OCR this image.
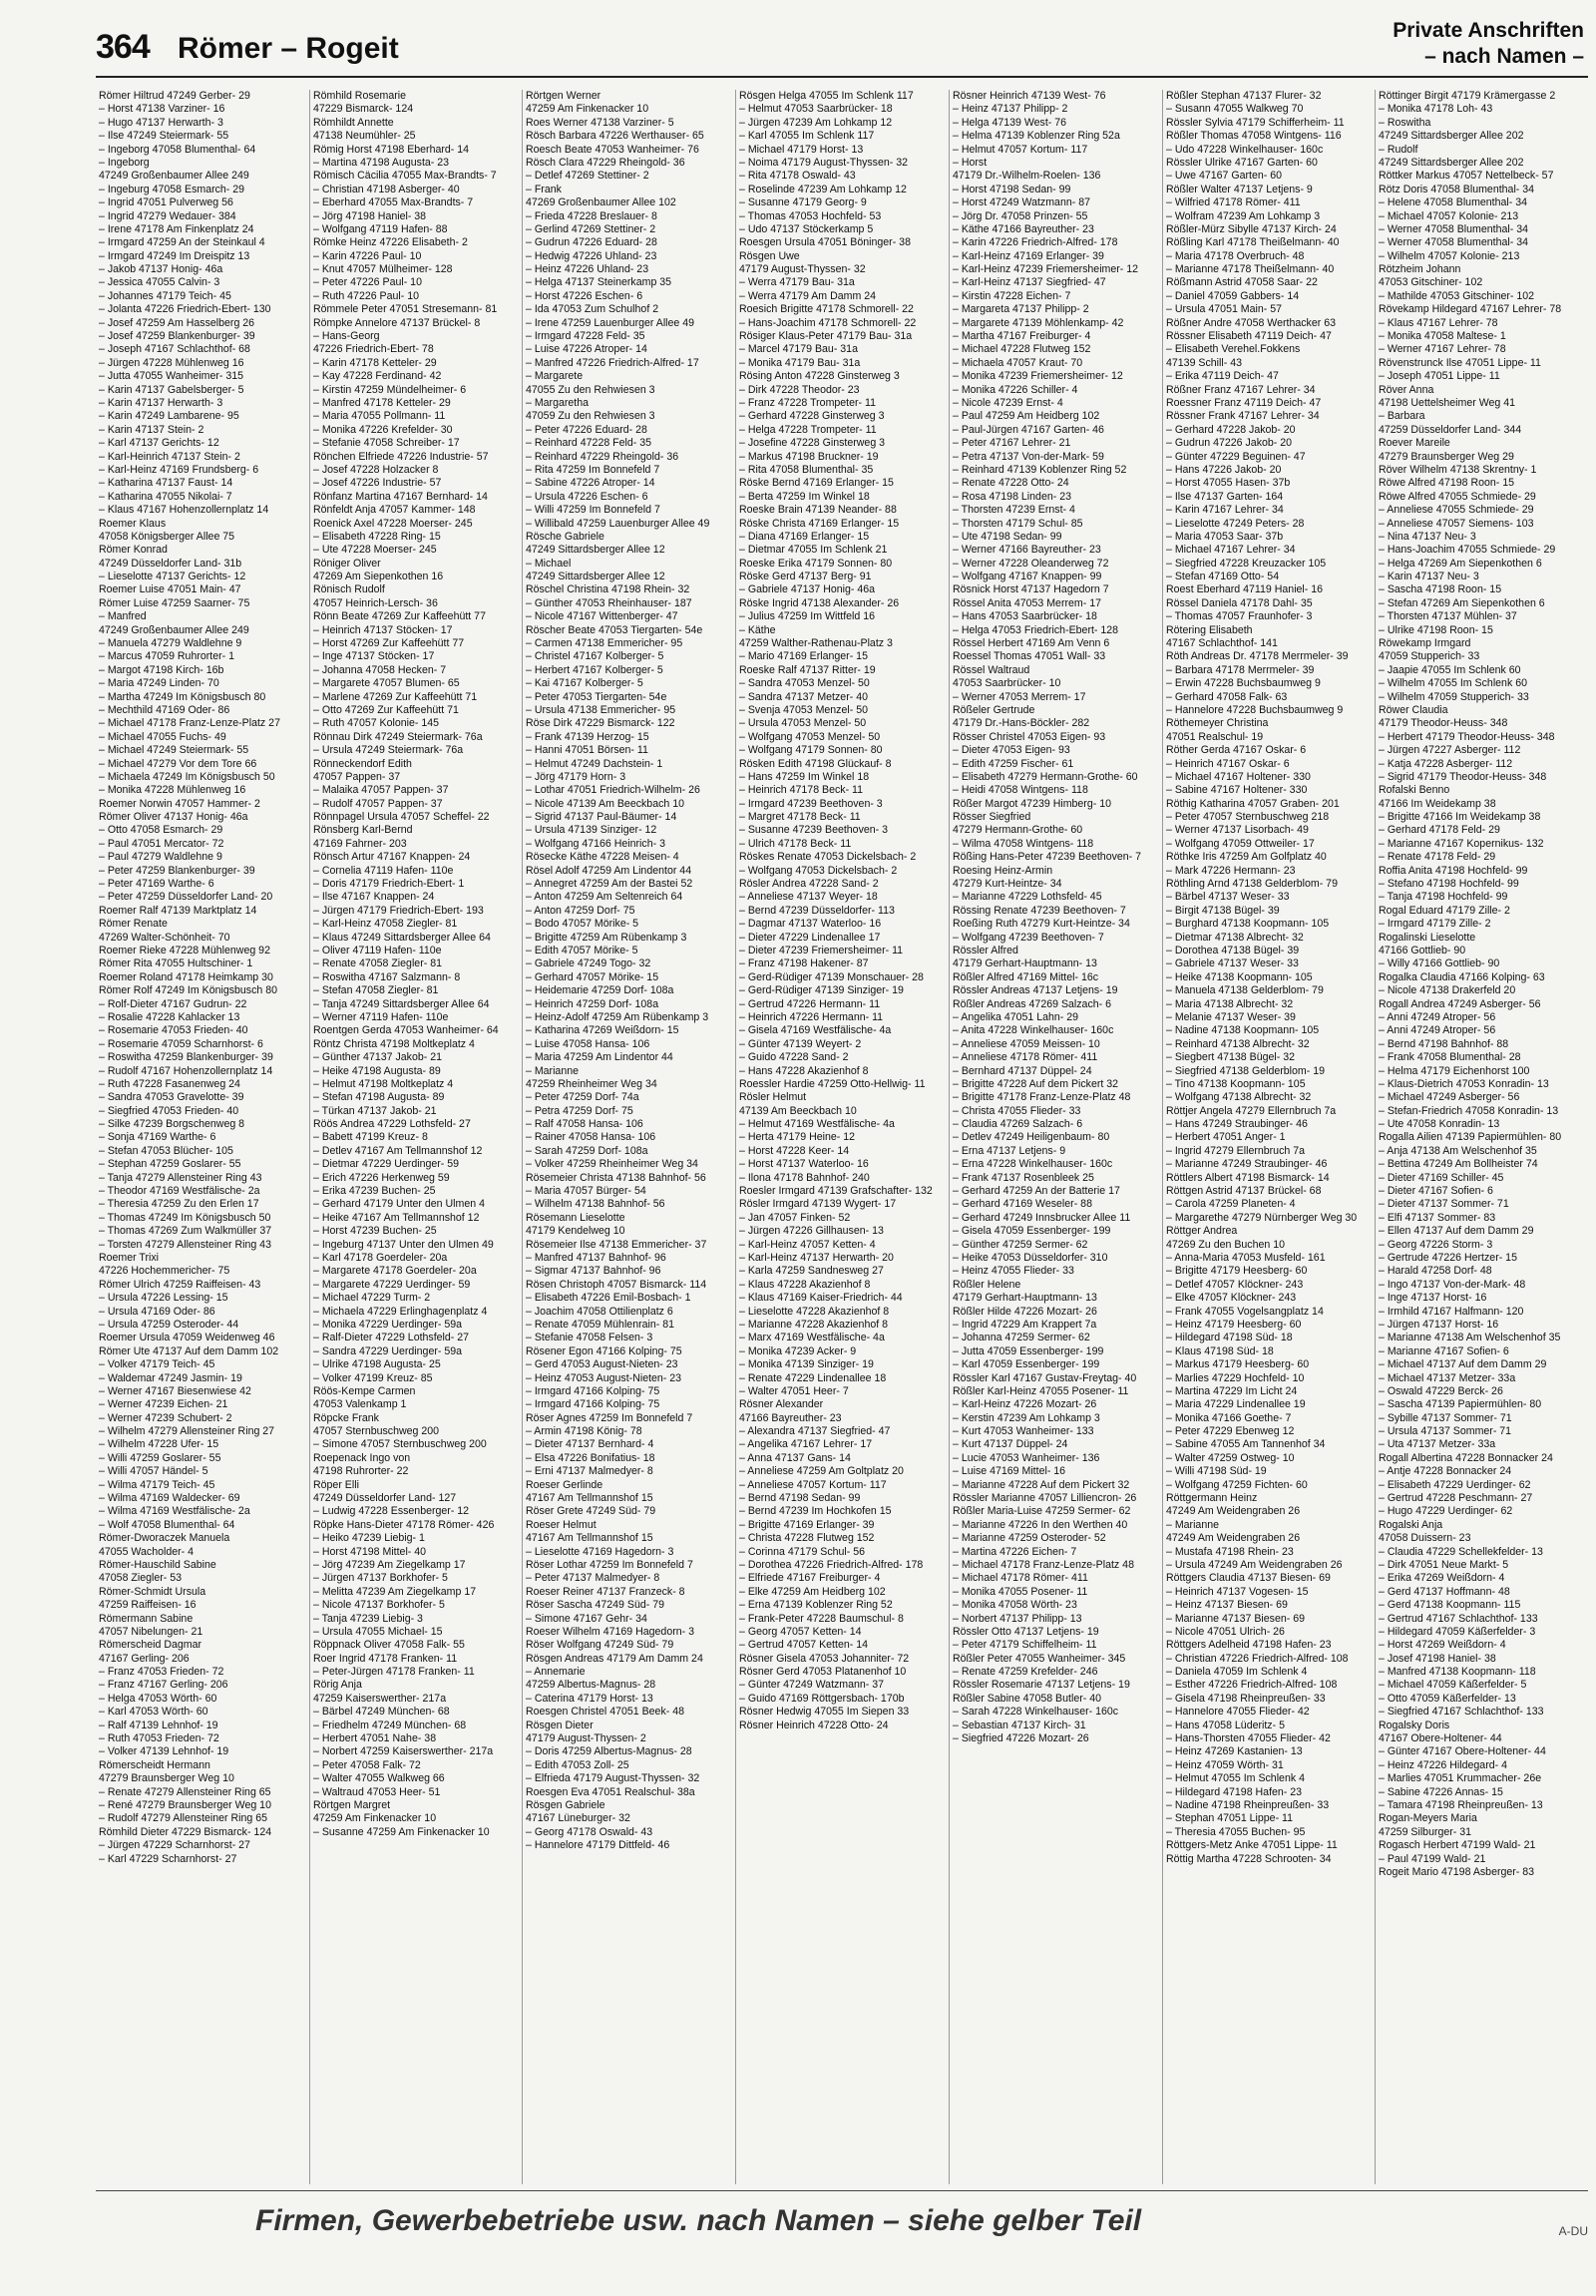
364 Römer – Rogeit
Private Anschriften
– nach Namen –
Römer Hiltrud 47249 Gerber- 29
– Horst 47138 Varziner- 16
– Hugo 47137 Herwarth- 3
– Ilse 47249 Steiermark- 55
– Ingeborg 47058 Blumenthal- 64
– Ingeborg
47249 Großenbaumer Allee 249
– Ingeburg 47058 Esmarch- 29
– Ingrid 47051 Pulverweg 56
– Ingrid 47279 Wedauer- 384
– Irene 47178 Am Finkenplatz 24
– Irmgard 47259 An der Steinkaul 4
– Irmgard 47249 Im Dreispitz 13
– Jakob 47137 Honig- 46a
– Jessica 47055 Calvin- 3
– Johannes 47179 Teich- 45
– Jolanta 47226 Friedrich-Ebert- 130
– Josef 47259 Am Hasselberg 26
– Josef 47259 Blankenburger- 39
– Joseph 47167 Schlachthof- 68
– Jürgen 47228 Mühlenweg 16
– Jutta 47055 Wanheimer- 315
– Karin 47137 Gabelsberger- 5
– Karin 47137 Herwarth- 3
– Karin 47249 Lambarene- 95
– Karin 47137 Stein- 2
– Karl 47137 Gerichts- 12
– Karl-Heinrich 47137 Stein- 2
– Karl-Heinz 47169 Frundsberg- 6
– Katharina 47137 Faust- 14
– Katharina 47055 Nikolai- 7
– Klaus 47167 Hohenzollernplatz 14
Roemer Klaus
47058 Königsberger Allee 75
Römer Konrad
47249 Düsseldorfer Land- 31b
– Lieselotte 47137 Gerichts- 12
Roemer Luise 47051 Main- 47
Römer Luise 47259 Saarner- 75
– Manfred
47249 Großenbaumer Allee 249
– Manuela 47279 Waldlehne 9
– Marcus 47059 Ruhrorter- 1
– Margot 47198 Kirch- 16b
– Maria 47249 Linden- 70
– Martha 47249 Im Königsbusch 80
– Mechthild 47169 Oder- 86
– Michael 47178 Franz-Lenze-Platz 27
– Michael 47055 Fuchs- 49
– Michael 47249 Steiermark- 55
– Michael 47279 Vor dem Tore 66
– Michaela 47249 Im Königsbusch 50
– Monika 47228 Mühlenweg 16
Roemer Norwin 47057 Hammer- 2
Römer Oliver 47137 Honig- 46a
– Otto 47058 Esmarch- 29
– Paul 47051 Mercator- 72
– Paul 47279 Waldlehne 9
– Peter 47259 Blankenburger- 39
– Peter 47169 Warthe- 6
– Peter 47259 Düsseldorfer Land- 20
Roemer Ralf 47139 Marktplatz 14
Römer Renate
47269 Walter-Schönheit- 70
Roemer Rieke 47228 Mühlenweg 92
Römer Rita 47055 Hultschiner- 1
Roemer Roland 47178 Heimkamp 30
Römer Rolf 47249 Im Königsbusch 80
– Rolf-Dieter 47167 Gudrun- 22
– Rosalie 47228 Kahlacker 13
– Rosemarie 47053 Frieden- 40
– Rosemarie 47059 Scharnhorst- 6
– Roswitha 47259 Blankenburger- 39
– Rudolf 47167 Hohenzollernplatz 14
– Ruth 47228 Fasanenweg 24
– Sandra 47053 Gravelotte- 39
– Siegfried 47053 Frieden- 40
– Silke 47239 Borgschenweg 8
– Sonja 47169 Warthe- 6
– Stefan 47053 Blücher- 105
– Stephan 47259 Goslarer- 55
– Tanja 47279 Allensteiner Ring 43
– Theodor 47169 Westfälische- 2a
– Theresia 47259 Zu den Erlen 17
– Thomas 47249 Im Königsbusch 50
– Thomas 47269 Zum Walkmüller 37
– Torsten 47279 Allensteiner Ring 43
Roemer Trixi
47226 Hochemmericher- 75
Römer Ulrich 47259 Raiffeisen- 43
– Ursula 47226 Lessing- 15
– Ursula 47169 Oder- 86
– Ursula 47259 Osteroder- 44
Roemer Ursula 47059 Weidenweg 46
Römer Ute 47137 Auf dem Damm 102
– Volker 47179 Teich- 45
– Waldemar 47249 Jasmin- 19
– Werner 47167 Biesenwiese 42
– Werner 47239 Eichen- 21
– Werner 47239 Schubert- 2
– Wilhelm 47279 Allensteiner Ring 27
– Wilhelm 47228 Ufer- 15
– Willi 47259 Goslarer- 55
– Willi 47057 Händel- 5
– Wilma 47179 Teich- 45
– Wilma 47169 Waldecker- 69
– Wilma 47169 Westfälische- 2a
– Wolf 47058 Blumenthal- 64
Römer-Dworaczek Manuela
47055 Wacholder- 4
Römer-Hauschild Sabine
47058 Ziegler- 53
Römer-Schmidt Ursula
47259 Raiffeisen- 16
Römermann Sabine
47057 Nibelungen- 21
Römerscheid Dagmar
47167 Gerling- 206
– Franz 47053 Frieden- 72
– Franz 47167 Gerling- 206
– Helga 47053 Wörth- 60
– Karl 47053 Wörth- 60
– Ralf 47139 Lehnhof- 19
– Ruth 47053 Frieden- 72
– Volker 47139 Lehnhof- 19
Römerscheidt Hermann
47279 Braunsberger Weg 10
– Renate 47279 Allensteiner Ring 65
– René 47279 Braunsberger Weg 10
– Rudolf 47279 Allensteiner Ring 65
Römhild Dieter 47229 Bismarck- 124
– Jürgen 47229 Scharnhorst- 27
– Karl 47229 Scharnhorst- 27
Römhild Rosemarie
47229 Bismarck- 124
Römhildt Annette
47138 Neumühler- 25
Römig Horst 47198 Eberhard- 14
– Martina 47198 Augusta- 23
Römisch Cäcilia 47055 Max-Brandts- 7
– Christian 47198 Asberger- 40
– Eberhard 47055 Max-Brandts- 7
– Jörg 47198 Haniel- 38
– Wolfgang 47119 Hafen- 88
Römke Heinz 47226 Elisabeth- 2
– Karin 47226 Paul- 10
– Knut 47057 Mülheimer- 128
– Peter 47226 Paul- 10
– Ruth 47226 Paul- 10
Römmele Peter 47051 Stresemann- 81
Römpke Annelore 47137 Brückel- 8
– Hans-Georg
47226 Friedrich-Ebert- 78
– Karin 47178 Ketteler- 29
– Kay 47228 Ferdinand- 42
– Kirstin 47259 Mündelheimer- 6
– Manfred 47178 Ketteler- 29
– Maria 47055 Pollmann- 11
– Monika 47226 Krefelder- 30
– Stefanie 47058 Schreiber- 17
Rönchen Elfriede 47226 Industrie- 57
– Josef 47228 Holzacker 8
– Josef 47226 Industrie- 57
Rönfanz Martina 47167 Bernhard- 14
Rönfeldt Anja 47057 Kammer- 148
Roenick Axel 47228 Moerser- 245
– Elisabeth 47228 Ring- 15
– Ute 47228 Moerser- 245
Röniger Oliver
47269 Am Siepenkothen 16
Rönisch Rudolf
47057 Heinrich-Lersch- 36
Rönn Beate 47269 Zur Kaffeehütt 77
– Heinrich 47137 Stöcken- 17
– Horst 47269 Zur Kaffeehütt 77
– Inge 47137 Stöcken- 17
– Johanna 47058 Hecken- 7
– Margarete 47057 Blumen- 65
– Marlene 47269 Zur Kaffeehütt 71
– Otto 47269 Zur Kaffeehütt 71
– Ruth 47057 Kolonie- 145
Rönnau Dirk 47249 Steiermark- 76a
– Ursula 47249 Steiermark- 76a
Rönneckendorf Edith
47057 Pappen- 37
– Malaika 47057 Pappen- 37
– Rudolf 47057 Pappen- 37
Rönnpagel Ursula 47057 Scheffel- 22
Rönsberg Karl-Bernd
47169 Fahrner- 203
Rönsch Artur 47167 Knappen- 24
– Cornelia 47119 Hafen- 110e
– Doris 47179 Friedrich-Ebert- 1
– Ilse 47167 Knappen- 24
– Jürgen 47179 Friedrich-Ebert- 193
– Karl-Heinz 47058 Ziegler- 81
– Klaus 47249 Sittardsberger Allee 64
– Oliver 47119 Hafen- 110e
– Renate 47058 Ziegler- 81
– Roswitha 47167 Salzmann- 8
– Stefan 47058 Ziegler- 81
– Tanja 47249 Sittardsberger Allee 64
– Werner 47119 Hafen- 110e
Roentgen Gerda 47053 Wanheimer- 64
Röntz Christa 47198 Moltkeplatz 4
– Günther 47137 Jakob- 21
– Heike 47198 Augusta- 89
– Helmut 47198 Moltkeplatz 4
– Stefan 47198 Augusta- 89
– Türkan 47137 Jakob- 21
Röös Andrea 47229 Lothsfeld- 27
– Babett 47199 Kreuz- 8
– Detlev 47167 Am Tellmannshof 12
– Dietmar 47229 Uerdinger- 59
– Erich 47226 Herkenweg 59
– Erika 47239 Buchen- 25
– Gerhard 47179 Unter den Ulmen 4
– Heike 47167 Am Tellmannshof 12
– Horst 47239 Buchen- 25
– Ingeburg 47137 Unter den Ulmen 49
– Karl 47178 Goerdeler- 20a
– Margarete 47178 Goerdeler- 20a
– Margarete 47229 Uerdinger- 59
– Michael 47229 Turm- 2
– Michaela 47229 Erlinghagenplatz 4
– Monika 47229 Uerdinger- 59a
– Ralf-Dieter 47229 Lothsfeld- 27
– Sandra 47229 Uerdinger- 59a
– Ulrike 47198 Augusta- 25
– Volker 47199 Kreuz- 85
Röös-Kempe Carmen
47053 Valenkamp 1
Röpcke Frank
47057 Sternbuschweg 200
– Simone 47057 Sternbuschweg 200
Roepenack Ingo von
47198 Ruhrorter- 22
Röper Elli
47249 Düsseldorfer Land- 127
– Ludwig 47228 Essenberger- 12
Röpke Hans-Dieter 47178 Römer- 426
– Heiko 47239 Liebig- 1
– Horst 47198 Mittel- 40
– Jörg 47239 Am Ziegelkamp 17
– Jürgen 47137 Borkhofer- 5
– Melitta 47239 Am Ziegelkamp 17
– Nicole 47137 Borkhofer- 5
– Tanja 47239 Liebig- 3
– Ursula 47055 Michael- 15
Röppnack Oliver 47058 Falk- 55
Roer Ingrid 47178 Franken- 11
– Peter-Jürgen 47178 Franken- 11
Rörig Anja
47259 Kaiserswerther- 217a
– Bärbel 47249 München- 68
– Friedhelm 47249 München- 68
– Herbert 47051 Nahe- 38
– Norbert 47259 Kaiserswerther- 217a
– Peter 47058 Falk- 72
– Walter 47055 Walkweg 66
– Waltraud 47053 Heer- 51
Rörtgen Margret
47259 Am Finkenacker 10
– Susanne 47259 Am Finkenacker 10
Rörtgen Werner
47259 Am Finkenacker 10
Roes Werner 47138 Varziner- 5
Rösch Barbara 47226 Werthauser- 65
Roesch Beate 47053 Wanheimer- 76
Rösch Clara 47229 Rheingold- 36
– Detlef 47269 Stettiner- 2
– Frank
47269 Großenbaumer Allee 102
– Frieda 47228 Breslauer- 8
– Gerlind 47269 Stettiner- 2
– Gudrun 47226 Eduard- 28
– Hedwig 47226 Uhland- 23
– Heinz 47226 Uhland- 23
– Helga 47137 Steinerkamp 35
– Horst 47226 Eschen- 6
– Ida 47053 Zum Schulhof 2
– Irene 47259 Lauenburger Allee 49
– Irmgard 47228 Feld- 35
– Luise 47226 Atroper- 14
– Manfred 47226 Friedrich-Alfred- 17
– Margarete
47055 Zu den Rehwiesen 3
– Margaretha
47059 Zu den Rehwiesen 3
– Peter 47226 Eduard- 28
– Reinhard 47228 Feld- 35
– Reinhard 47229 Rheingold- 36
– Rita 47259 Im Bonnefeld 7
– Sabine 47226 Atroper- 14
– Ursula 47226 Eschen- 6
– Willi 47259 Im Bonnefeld 7
– Willibald 47259 Lauenburger Allee 49
Rösche Gabriele
47249 Sittardsberger Allee 12
– Michael
47249 Sittardsberger Allee 12
Röschel Christina 47198 Rhein- 32
– Günther 47053 Rheinhauser- 187
– Nicole 47167 Wittenberger- 47
Röscher Beate 47053 Tiergarten- 54e
– Carmen 47138 Emmericher- 95
– Christel 47167 Kolberger- 5
– Herbert 47167 Kolberger- 5
– Kai 47167 Kolberger- 5
– Peter 47053 Tiergarten- 54e
– Ursula 47138 Emmericher- 95
Röse Dirk 47229 Bismarck- 122
– Frank 47139 Herzog- 15
– Hanni 47051 Börsen- 11
– Helmut 47249 Dachstein- 1
– Jörg 47179 Horn- 3
– Lothar 47051 Friedrich-Wilhelm- 26
– Nicole 47139 Am Beeckbach 10
– Sigrid 47137 Paul-Bäumer- 14
– Ursula 47139 Sinziger- 12
– Wolfgang 47166 Heinrich- 3
Rösecke Käthe 47228 Meisen- 4
Rösel Adolf 47259 Am Lindentor 44
– Annegret 47259 Am der Bastei 52
– Anton 47259 Am Seltenreich 64
– Anton 47259 Dorf- 75
– Bodo 47057 Mörike- 5
– Brigitte 47259 Am Rübenkamp 3
– Edith 47057 Mörike- 5
– Gabriele 47249 Togo- 32
– Gerhard 47057 Mörike- 15
– Heidemarie 47259 Dorf- 108a
– Heinrich 47259 Dorf- 108a
– Heinz-Adolf 47259 Am Rübenkamp 3
– Katharina 47269 Weißdorn- 15
– Luise 47058 Hansa- 106
– Maria 47259 Am Lindentor 44
– Marianne
47259 Rheinheimer Weg 34
– Peter 47259 Dorf- 74a
– Petra 47259 Dorf- 75
– Ralf 47058 Hansa- 106
– Rainer 47058 Hansa- 106
– Sarah 47259 Dorf- 108a
– Volker 47259 Rheinheimer Weg 34
Rösemeier Christa 47138 Bahnhof- 56
– Maria 47057 Bürger- 54
– Wilhelm 47138 Bahnhof- 56
Rösemann Lieselotte
47179 Kendelweg 10
Rösemeier Ilse 47138 Emmericher- 37
– Manfred 47137 Bahnhof- 96
– Sigmar 47137 Bahnhof- 96
Rösen Christoph 47057 Bismarck- 114
– Elisabeth 47226 Emil-Bosbach- 1
– Joachim 47058 Ottilienplatz 6
– Renate 47059 Mühlenrain- 81
– Stefanie 47058 Felsen- 3
Rösener Egon 47166 Kolping- 75
– Gerd 47053 August-Nieten- 23
– Heinz 47053 August-Nieten- 23
– Irmgard 47166 Kolping- 75
– Irmgard 47166 Kolping- 75
Röser Agnes 47259 Im Bonnefeld 7
– Armin 47198 König- 78
– Dieter 47137 Bernhard- 4
– Elsa 47226 Bonifatius- 18
– Erni 47137 Malmedyer- 8
Roeser Gerlinde
47167 Am Tellmannshof 15
Röser Grete 47249 Süd- 79
Roeser Helmut
47167 Am Tellmannshof 15
– Lieselotte 47169 Hagedorn- 3
Röser Lothar 47259 Im Bonnefeld 7
– Peter 47137 Malmedyer- 8
Roeser Reiner 47137 Franzeck- 8
Röser Sascha 47249 Süd- 79
– Simone 47167 Gehr- 34
Roeser Wilhelm 47169 Hagedorn- 3
Röser Wolfgang 47249 Süd- 79
Rösgen Andreas 47179 Am Damm 24
– Annemarie
47259 Albertus-Magnus- 28
– Caterina 47179 Horst- 13
Roesgen Christel 47051 Beek- 48
Rösgen Dieter
47179 August-Thyssen- 2
– Doris 47259 Albertus-Magnus- 28
– Edith 47053 Zoll- 25
– Elfrieda 47179 August-Thyssen- 32
Roesgen Eva 47051 Realschul- 38a
Rösgen Gabriele
47167 Lüneburger- 32
– Georg 47178 Oswald- 43
– Hannelore 47179 Dittfeld- 46
Rösgen Helga 47055 Im Schlenk 117
– Helmut 47053 Saarbrücker- 18
– Jürgen 47239 Am Lohkamp 12
– Karl 47055 Im Schlenk 117
– Michael 47179 Horst- 13
– Noima 47179 August-Thyssen- 32
– Rita 47178 Oswald- 43
– Roselinde 47239 Am Lohkamp 12
– Susanne 47179 Georg- 9
– Thomas 47053 Hochfeld- 53
– Udo 47137 Stöckerkamp 5
Roesgen Ursula 47051 Böninger- 38
Rösgen Uwe
47179 August-Thyssen- 32
– Werra 47179 Bau- 31a
– Werra 47179 Am Damm 24
Roesich Brigitte 47178 Schmorell- 22
– Hans-Joachim 47178 Schmorell- 22
Rösiger Klaus-Peter 47179 Bau- 31a
– Marcel 47179 Bau- 31a
– Monika 47179 Bau- 31a
Rösing Anton 47228 Ginsterweg 3
– Dirk 47228 Theodor- 23
– Franz 47228 Trompeter- 11
– Gerhard 47228 Ginsterweg 3
– Helga 47228 Trompeter- 11
– Josefine 47228 Ginsterweg 3
– Markus 47198 Bruckner- 19
– Rita 47058 Blumenthal- 35
Röske Bernd 47169 Erlanger- 15
– Berta 47259 Im Winkel 18
Roeske Brain 47139 Neander- 88
Röske Christa 47169 Erlanger- 15
– Diana 47169 Erlanger- 15
– Dietmar 47055 Im Schlenk 21
Roeske Erika 47179 Sonnen- 80
Röske Gerd 47137 Berg- 91
– Gabriele 47137 Honig- 46a
Röske Ingrid 47138 Alexander- 26
– Julius 47259 Im Wittfeld 16
– Käthe
47259 Walther-Rathenau-Platz 3
– Mario 47169 Erlanger- 15
Roeske Ralf 47137 Ritter- 19
– Sandra 47053 Menzel- 50
– Sandra 47137 Metzer- 40
– Svenja 47053 Menzel- 50
– Ursula 47053 Menzel- 50
– Wolfgang 47053 Menzel- 50
– Wolfgang 47179 Sonnen- 80
Rösken Edith 47198 Glückauf- 8
– Hans 47259 Im Winkel 18
– Heinrich 47178 Beck- 11
– Irmgard 47239 Beethoven- 3
– Margret 47178 Beck- 11
– Susanne 47239 Beethoven- 3
– Ulrich 47178 Beck- 11
Röskes Renate 47053 Dickelsbach- 2
– Wolfgang 47053 Dickelsbach- 2
Rösler Andrea 47228 Sand- 2
– Anneliese 47137 Weyer- 18
– Bernd 47239 Düsseldorfer- 113
– Dagmar 47137 Waterloo- 16
– Dieter 47229 Lindenallee 17
– Dieter 47239 Friemersheimer- 11
– Franz 47198 Hakener- 87
– Gerd-Rüdiger 47139 Monschauer- 28
– Gerd-Rüdiger 47139 Sinziger- 19
– Gertrud 47226 Hermann- 11
– Heinrich 47226 Hermann- 11
– Gisela 47169 Westfälische- 4a
– Günter 47139 Weyert- 2
– Guido 47228 Sand- 2
– Hans 47228 Akazienhof 8
Roessler Hardie 47259 Otto-Hellwig- 11
Rösler Helmut
47139 Am Beeckbach 10
– Helmut 47169 Westfälische- 4a
– Herta 47179 Heine- 12
– Horst 47228 Keer- 14
– Horst 47137 Waterloo- 16
– Ilona 47178 Bahnhof- 240
Roesler Irmgard 47139 Grafschafter- 132
Rösler Irmgard 47139 Wygert- 17
– Jan 47057 Finken- 52
– Jürgen 47226 Gillhausen- 13
– Karl-Heinz 47057 Ketten- 4
– Karl-Heinz 47137 Herwarth- 20
– Karla 47259 Sandnesweg 27
– Klaus 47228 Akazienhof 8
– Klaus 47169 Kaiser-Friedrich- 44
– Lieselotte 47228 Akazienhof 8
– Marianne 47228 Akazienhof 8
– Marx 47169 Westfälische- 4a
– Monika 47239 Acker- 9
– Monika 47139 Sinziger- 19
– Renate 47229 Lindenallee 18
– Walter 47051 Heer- 7
Rösner Alexander
47166 Bayreuther- 23
– Alexandra 47137 Siegfried- 47
– Angelika 47167 Lehrer- 17
– Anna 47137 Gans- 14
– Anneliese 47259 Am Goltplatz 20
– Anneliese 47057 Kortum- 117
– Bernd 47198 Sedan- 99
– Bernd 47239 Im Hochkofen 15
– Brigitte 47169 Erlanger- 39
– Christa 47228 Flutweg 152
– Corinna 47179 Schul- 56
– Dorothea 47226 Friedrich-Alfred- 178
– Elfriede 47167 Freiburger- 4
– Elke 47259 Am Heidberg 102
– Erna 47139 Koblenzer Ring 52
– Frank-Peter 47228 Baumschul- 8
– Georg 47057 Ketten- 14
– Gertrud 47057 Ketten- 14
Rösner Gisela 47053 Johanniter- 72
Rösner Gerd 47053 Platanenhof 10
– Günter 47249 Watzmann- 37
– Guido 47169 Röttgersbach- 170b
Rösner Hedwig 47055 Im Siepen 33
Rösner Heinrich 47228 Otto- 24
Rösner Heinrich 47139 West- 76
– Heinz 47137 Philipp- 2
– Helga 47139 West- 76
– Helma 47139 Koblenzer Ring 52a
– Helmut 47057 Kortum- 117
– Horst
47179 Dr.-Wilhelm-Roelen- 136
– Horst 47198 Sedan- 99
– Horst 47249 Watzmann- 87
– Jörg Dr. 47058 Prinzen- 55
– Käthe 47166 Bayreuther- 23
– Karin 47226 Friedrich-Alfred- 178
– Karl-Heinz 47169 Erlanger- 39
– Karl-Heinz 47239 Friemersheimer- 12
– Karl-Heinz 47137 Siegfried- 47
– Kirstin 47228 Eichen- 7
– Margareta 47137 Philipp- 2
– Margarete 47139 Möhlenkamp- 42
– Martha 47167 Freiburger- 4
– Michael 47228 Flutweg 152
– Michaela 47057 Kraut- 70
– Monika 47239 Friemersheimer- 12
– Monika 47226 Schiller- 4
– Nicole 47239 Ernst- 4
– Paul 47259 Am Heidberg 102
– Paul-Jürgen 47167 Garten- 46
– Peter 47167 Lehrer- 21
– Petra 47137 Von-der-Mark- 59
– Reinhard 47139 Koblenzer Ring 52
– Renate 47228 Otto- 24
– Rosa 47198 Linden- 23
– Thorsten 47239 Ernst- 4
– Thorsten 47179 Schul- 85
– Ute 47198 Sedan- 99
– Werner 47166 Bayreuther- 23
– Werner 47228 Oleanderweg 72
– Wolfgang 47167 Knappen- 99
Rösnick Horst 47137 Hagedorn 7
Rössel Anita 47053 Merrem- 17
– Hans 47053 Saarbrücker- 18
– Helga 47053 Friedrich-Ebert- 128
Rössel Herbert 47169 Am Venn 6
Roessel Thomas 47051 Wall- 33
Rössel Waltraud
47053 Saarbrücker- 10
– Werner 47053 Merrem- 17
Rößeler Gertrude
47179 Dr.-Hans-Böckler- 282
Rösser Christel 47053 Eigen- 93
– Dieter 47053 Eigen- 93
– Edith 47259 Fischer- 61
– Elisabeth 47279 Hermann-Grothe- 60
– Heidi 47058 Wintgens- 118
Rößer Margot 47239 Himberg- 10
Rösser Siegfried
47279 Hermann-Grothe- 60
– Wilma 47058 Wintgens- 118
Rößing Hans-Peter 47239 Beethoven- 7
Roesing Heinz-Armin
47279 Kurt-Heintze- 34
– Marianne 47229 Lothsfeld- 45
Rössing Renate 47239 Beethoven- 7
Roeßing Ruth 47279 Kurt-Heintze- 34
– Wolfgang 47239 Beethoven- 7
Rössler Alfred
47179 Gerhart-Hauptmann- 13
Rößler Alfred 47169 Mittel- 16c
Rössler Andreas 47137 Letjens- 19
Rößler Andreas 47269 Salzach- 6
– Angelika 47051 Lahn- 29
– Anita 47228 Winkelhauser- 160c
– Anneliese 47059 Meissen- 10
– Anneliese 47178 Römer- 411
– Bernhard 47137 Düppel- 24
– Brigitte 47228 Auf dem Pickert 32
– Brigitte 47178 Franz-Lenze-Platz 48
– Christa 47055 Flieder- 33
– Claudia 47269 Salzach- 6
– Detlev 47249 Heiligenbaum- 80
– Erna 47137 Letjens- 9
– Erna 47228 Winkelhauser- 160c
– Frank 47137 Rosenbleek 25
– Gerhard 47259 An der Batterie 17
– Gerhard 47169 Weseler- 88
– Gerhard 47249 Innsbrucker Allee 11
– Gisela 47059 Essenberger- 199
– Günther 47259 Sermer- 62
– Heike 47053 Düsseldorfer- 310
– Heinz 47055 Flieder- 33
Rößler Helene
47179 Gerhart-Hauptmann- 13
Rößler Hilde 47226 Mozart- 26
– Ingrid 47229 Am Krappert 7a
– Johanna 47259 Sermer- 62
– Jutta 47059 Essenberger- 199
– Karl 47059 Essenberger- 199
Rössler Karl 47167 Gustav-Freytag- 40
Rößler Karl-Heinz 47055 Posener- 11
– Karl-Heinz 47226 Mozart- 26
– Kerstin 47239 Am Lohkamp 3
– Kurt 47053 Wanheimer- 133
– Kurt 47137 Düppel- 24
– Lucie 47053 Wanheimer- 136
– Luise 47169 Mittel- 16
– Marianne 47228 Auf dem Pickert 32
Rössler Marianne 47057 Lilliencron- 26
Rößler Maria-Luise 47259 Sermer- 62
– Marianne 47226 In den Werthen 40
– Marianne 47259 Osteroder- 52
– Martina 47226 Eichen- 7
– Michael 47178 Franz-Lenze-Platz 48
– Michael 47178 Römer- 411
– Monika 47055 Posener- 11
– Monika 47058 Wörth- 23
– Norbert 47137 Philipp- 13
Rössler Otto 47137 Letjens- 19
– Peter 47179 Schiffelheim- 11
Rößler Peter 47055 Wanheimer- 345
– Renate 47259 Krefelder- 246
Rössler Rosemarie 47137 Letjens- 19
Rößler Sabine 47058 Butler- 40
– Sarah 47228 Winkelhauser- 160c
– Sebastian 47137 Kirch- 31
– Siegfried 47226 Mozart- 26
Rößler Stephan 47137 Flurer- 32
– Susann 47055 Walkweg 70
Rössler Sylvia 47179 Schifferheim- 11
Rößler Thomas 47058 Wintgens- 116
– Udo 47228 Winkelhauser- 160c
Rössler Ulrike 47167 Garten- 60
– Uwe 47167 Garten- 60
Rößler Walter 47137 Letjens- 9
– Wilfried 47178 Römer- 411
– Wolfram 47239 Am Lohkamp 3
Rößler-Mürz Sibylle 47137 Kirch- 24
Rößling Karl 47178 Theißelmann- 40
– Maria 47178 Overbruch- 48
– Marianne 47178 Theißelmann- 40
Rößmann Astrid 47058 Saar- 22
– Daniel 47059 Gabbers- 14
– Ursula 47051 Main- 57
Rößner Andre 47058 Werthacker 63
Rössner Elisabeth 47119 Deich- 47
– Elisabeth Verehel.Fokkens
47139 Schill- 43
– Erika 47119 Deich- 47
Rößner Franz 47167 Lehrer- 34
Roessner Franz 47119 Deich- 47
Rössner Frank 47167 Lehrer- 34
– Gerhard 47228 Jakob- 20
– Gudrun 47226 Jakob- 20
– Günter 47229 Beguinen- 47
– Hans 47226 Jakob- 20
– Horst 47055 Hasen- 37b
– Ilse 47137 Garten- 164
– Karin 47167 Lehrer- 34
– Lieselotte 47249 Peters- 28
– Maria 47053 Saar- 37b
– Michael 47167 Lehrer- 34
– Siegfried 47228 Kreuzacker 105
– Stefan 47169 Otto- 54
Roest Eberhard 47119 Haniel- 16
Rössel Daniela 47178 Dahl- 35
– Thomas 47057 Fraunhofer- 3
Rötering Elisabeth
47167 Schlachthof- 141
Röth Andreas Dr. 47178 Merrmeler- 39
– Barbara 47178 Merrmeler- 39
– Erwin 47228 Buchsbaumweg 9
– Gerhard 47058 Falk- 63
– Hannelore 47228 Buchsbaumweg 9
Röthemeyer Christina
47051 Realschul- 19
Röther Gerda 47167 Oskar- 6
– Heinrich 47167 Oskar- 6
– Michael 47167 Holtener- 330
– Sabine 47167 Holtener- 330
Röthig Katharina 47057 Graben- 201
– Peter 47057 Sternbuschweg 218
– Werner 47137 Lisorbach- 49
– Wolfgang 47059 Ottweiler- 17
Röthke Iris 47259 Am Golfplatz 40
– Mark 47226 Hermann- 23
Röthling Arnd 47138 Gelderblom- 79
– Bärbel 47137 Weser- 33
– Birgit 47138 Bügel- 39
– Burghard 47138 Koopmann- 105
– Dietmar 47138 Albrecht- 32
– Dorothea 47138 Bügel- 39
– Gabriele 47137 Weser- 33
– Heike 47138 Koopmann- 105
– Manuela 47138 Gelderblom- 79
– Maria 47138 Albrecht- 32
– Melanie 47137 Weser- 39
– Nadine 47138 Koopmann- 105
– Reinhard 47138 Albrecht- 32
– Siegbert 47138 Bügel- 32
– Siegfried 47138 Gelderblom- 19
– Tino 47138 Koopmann- 105
– Wolfgang 47138 Albrecht- 32
Röttjer Angela 47279 Ellernbruch 7a
– Hans 47249 Straubinger- 46
– Herbert 47051 Anger- 1
– Ingrid 47279 Ellernbruch 7a
– Marianne 47249 Straubinger- 46
Röttlers Albert 47198 Bismarck- 14
Röttgen Astrid 47137 Brückel- 68
– Carola 47259 Planeten- 4
– Margarethe 47279 Nürnberger Weg 30
Röttger Andrea
47269 Zu den Buchen 10
– Anna-Maria 47053 Musfeld- 161
– Brigitte 47179 Heesberg- 60
– Detlef 47057 Klöckner- 243
– Elke 47057 Klöckner- 243
– Frank 47055 Vogelsangplatz 14
– Heinz 47179 Heesberg- 60
– Hildegard 47198 Süd- 18
– Klaus 47198 Süd- 18
– Markus 47179 Heesberg- 60
– Marlies 47229 Hochfeld- 10
– Martina 47229 Im Licht 24
– Maria 47229 Lindenallee 19
– Monika 47166 Goethe- 7
– Peter 47229 Ebenweg 12
– Sabine 47055 Am Tannenhof 34
– Walter 47259 Ostweg- 10
– Willi 47198 Süd- 19
– Wolfgang 47259 Fichten- 60
Röttgermann Heinz
47249 Am Weidengraben 26
– Marianne
47249 Am Weidengraben 26
– Mustafa 47198 Rhein- 23
– Ursula 47249 Am Weidengraben 26
Röttgers Claudia 47137 Biesen- 69
– Heinrich 47137 Vogesen- 15
– Heinz 47137 Biesen- 69
– Marianne 47137 Biesen- 69
– Nicole 47051 Ulrich- 26
Röttgers Adelheid 47198 Hafen- 23
– Christian 47226 Friedrich-Alfred- 108
– Daniela 47059 Im Schlenk 4
– Esther 47226 Friedrich-Alfred- 108
– Gisela 47198 Rheinpreußen- 33
– Hannelore 47055 Flieder- 42
– Hans 47058 Lüderitz- 5
– Hans-Thorsten 47055 Flieder- 42
– Heinz 47269 Kastanien- 13
– Heinz 47059 Wörth- 31
– Helmut 47055 Im Schlenk 4
– Hildegard 47198 Hafen- 23
– Nadine 47198 Rheinpreußen- 33
– Stephan 47051 Lippe- 11
– Theresia 47055 Buchen- 95
Röttgers-Metz Anke 47051 Lippe- 11
Röttig Martha 47228 Schrooten- 34
Röttinger Birgit 47179 Krämergasse 2
– Monika 47178 Loh- 43
– Roswitha
47249 Sittardsberger Allee 202
– Rudolf
47249 Sittardsberger Allee 202
Röttker Markus 47057 Nettelbeck- 57
Rötz Doris 47058 Blumenthal- 34
– Helene 47058 Blumenthal- 34
– Michael 47057 Kolonie- 213
– Werner 47058 Blumenthal- 34
– Werner 47058 Blumenthal- 34
– Wilhelm 47057 Kolonie- 213
Rötzheim Johann
47053 Gitschiner- 102
– Mathilde 47053 Gitschiner- 102
Rövekamp Hildegard 47167 Lehrer- 78
– Klaus 47167 Lehrer- 78
– Monika 47058 Maltese- 1
– Werner 47167 Lehrer- 78
Rövenstrunck Ilse 47051 Lippe- 11
– Joseph 47051 Lippe- 11
Röver Anna
47198 Uettelsheimer Weg 41
– Barbara
47259 Düsseldorfer Land- 344
Roever Mareile
47279 Braunsberger Weg 29
Röver Wilhelm 47138 Skrentny- 1
Röwe Alfred 47198 Roon- 15
Röwe Alfred 47055 Schmiede- 29
– Anneliese 47055 Schmiede- 29
– Anneliese 47057 Siemens- 103
– Nina 47137 Neu- 3
– Hans-Joachim 47055 Schmiede- 29
– Helga 47269 Am Siepenkothen 6
– Karin 47137 Neu- 3
– Sascha 47198 Roon- 15
– Stefan 47269 Am Siepenkothen 6
– Thorsten 47137 Mühlen- 37
– Ulrike 47198 Roon- 15
Röwekamp Irmgard
47059 Stupperich- 33
– Jaapie 47055 Im Schlenk 60
– Wilhelm 47055 Im Schlenk 60
– Wilhelm 47059 Stupperich- 33
Röwer Claudia
47179 Theodor-Heuss- 348
– Herbert 47179 Theodor-Heuss- 348
– Jürgen 47227 Asberger- 112
– Katja 47228 Asberger- 112
– Sigrid 47179 Theodor-Heuss- 348
Rofalski Benno
47166 Im Weidekamp 38
– Brigitte 47166 Im Weidekamp 38
– Gerhard 47178 Feld- 29
– Marianne 47167 Kopernikus- 132
– Renate 47178 Feld- 29
Roffia Anita 47198 Hochfeld- 99
– Stefano 47198 Hochfeld- 99
– Tanja 47198 Hochfeld- 99
Rogal Eduard 47179 Zille- 2
– Irmgard 47179 Zille- 2
Rogalinski Lieselotte
47166 Gottlieb- 90
– Willy 47166 Gottlieb- 90
Rogalka Claudia 47166 Kolping- 63
– Nicole 47138 Drakerfeld 20
Rogall Andrea 47249 Asberger- 56
– Anni 47249 Atroper- 56
– Anni 47249 Atroper- 56
– Bernd 47198 Bahnhof- 88
– Frank 47058 Blumenthal- 28
– Helma 47179 Eichenhorst 100
– Klaus-Dietrich 47053 Konradin- 13
– Michael 47249 Asberger- 56
– Stefan-Friedrich 47058 Konradin- 13
– Ute 47058 Konradin- 13
Rogalla Ailien 47139 Papiermühlen- 80
– Anja 47138 Am Welschenhof 35
– Bettina 47249 Am Bollheister 74
– Dieter 47169 Schiller- 45
– Dieter 47167 Sofien- 6
– Dieter 47137 Sommer- 71
– Elfi 47137 Sommer- 83
– Ellen 47137 Auf dem Damm 29
– Georg 47226 Storm- 3
– Gertrude 47226 Hertzer- 15
– Harald 47258 Dorf- 48
– Ingo 47137 Von-der-Mark- 48
– Inge 47137 Horst- 16
– Irmhild 47167 Halfmann- 120
– Jürgen 47137 Horst- 16
– Marianne 47138 Am Welschenhof 35
– Marianne 47167 Sofien- 6
– Michael 47137 Auf dem Damm 29
– Michael 47137 Metzer- 33a
– Oswald 47229 Berck- 26
– Sascha 47139 Papiermühlen- 80
– Sybille 47137 Sommer- 71
– Ursula 47137 Sommer- 71
– Uta 47137 Metzer- 33a
Rogall Albertina 47228 Bonnacker 24
– Antje 47228 Bonnacker 24
– Elisabeth 47229 Uerdinger- 62
– Gertrud 47228 Peschmann- 27
– Hugo 47229 Uerdinger- 62
Rogalski Anja
47058 Duissern- 23
– Claudia 47229 Schellekfelder- 13
– Dirk 47051 Neue Markt- 5
– Erika 47269 Weißdorn- 4
– Gerd 47137 Hoffmann- 48
– Gerd 47138 Koopmann- 115
– Gertrud 47167 Schlachthof- 133
– Hildegard 47059 Käßerfelder- 3
– Horst 47269 Weißdorn- 4
– Josef 47198 Haniel- 38
– Manfred 47138 Koopmann- 118
– Michael 47059 Käßerfelder- 5
– Otto 47059 Käßerfelder- 13
– Siegfried 47167 Schlachthof- 133
Rogalsky Doris
47167 Obere-Holtener- 44
– Günter 47167 Obere-Holtener- 44
– Heinz 47226 Hildegard- 4
– Marlies 47051 Krummacher- 26e
– Sabine 47226 Annas- 15
– Tamara 47198 Rheinpreußen- 13
Rogan-Meyers Maria
47259 Silburger- 31
Rogasch Herbert 47199 Wald- 21
– Paul 47199 Wald- 21
Rogeit Mario 47198 Asberger- 83
Firmen, Gewerbebetriebe usw. nach Namen – siehe gelber Teil	A-DU
